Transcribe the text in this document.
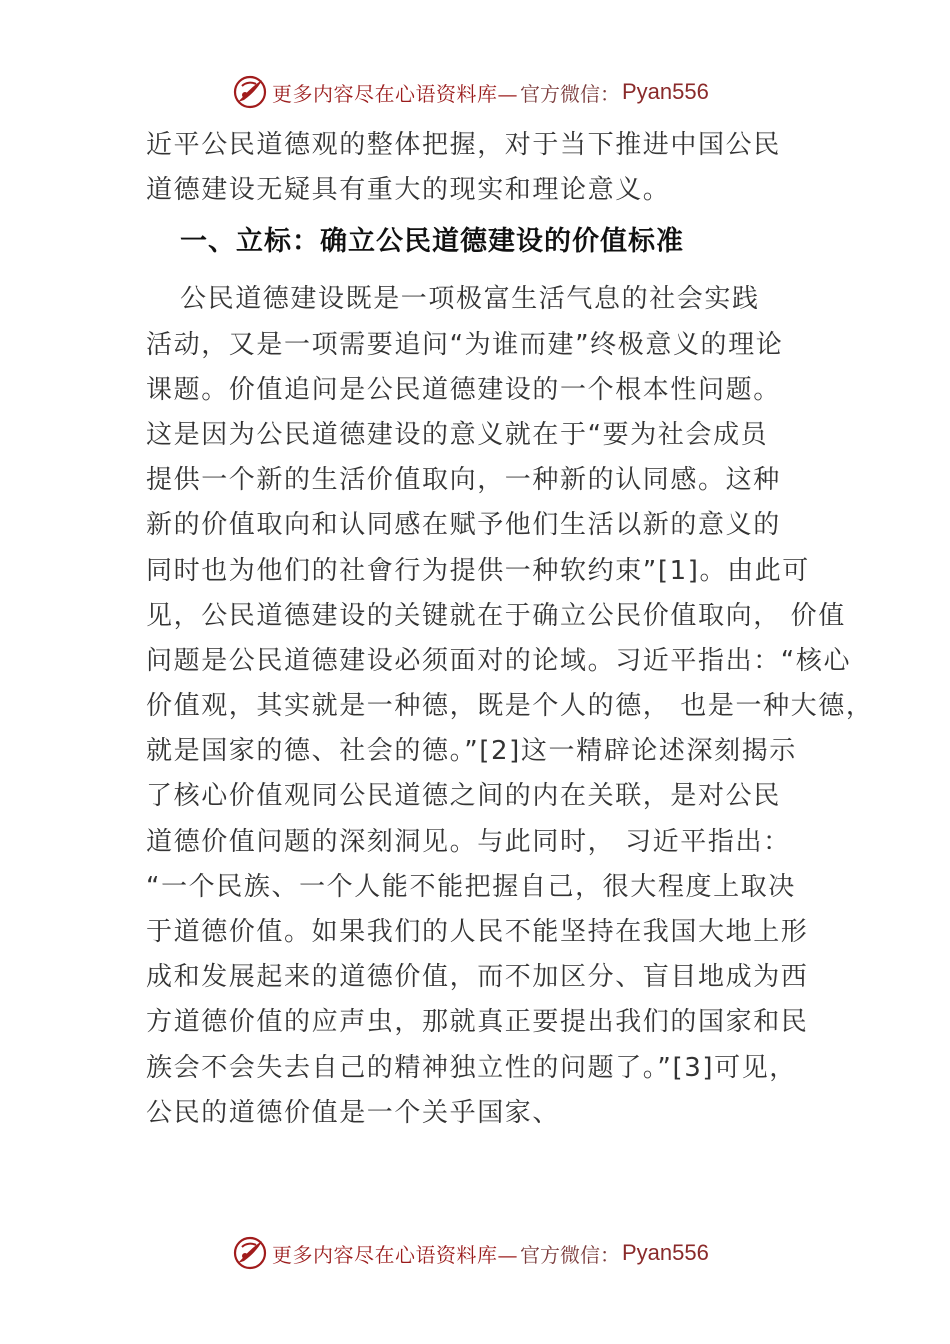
更多内容尽在心语资料库— 官方微信： Pyan556
近平公民道德观的整体把握，对于当下推进中国公民
道德建设无疑具有重大的现实和理论意义。
一、立标：确立公民道德建设的价值标准
公民道德建设既是一项极富生活气息的社会实践
活动，又是一项需要追问“为谁而建”终极意义的理论
课题。价值追问是公民道德建设的一个根本性问题。
这是因为公民道德建设的意义就在于“要为社会成员
提供一个新的生活价值取向，一种新的认同感。这种
新的价值取向和认同感在赋予他们生活以新的意义的
同时也为他们的社會行为提供一种软约束”[1]。由此可
见，公民道德建设的关键就在于确立公民价值取向， 价值
问题是公民道德建设必须面对的论域。习近平指出：“核心
价值观，其实就是一种德，既是个人的德， 也是一种大德，
就是国家的德、社会的德。”[2]这一精辟论述深刻揭示
了核心价值观同公民道德之间的内在关联，是对公民
道德价值问题的深刻洞见。与此同时， 习近平指出：
“一个民族、一个人能不能把握自己，很大程度上取决
于道德价值。如果我们的人民不能坚持在我国大地上形
成和发展起来的道德价值，而不加区分、盲目地成为西
方道德价值的应声虫，那就真正要提出我们的国家和民
族会不会失去自己的精神独立性的问题了。”[3]可见，
公民的道德价值是一个关乎国家、
更多内容尽在心语资料库— 官方微信： Pyan556
